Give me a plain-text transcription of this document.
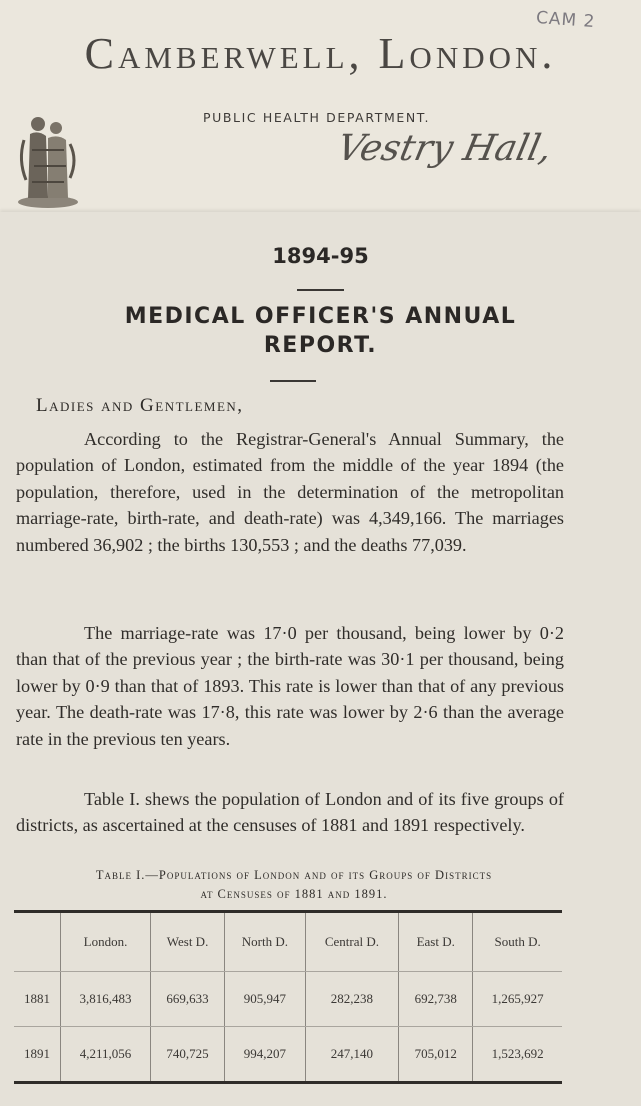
CAM 2
Camberwell, London.
PUBLIC HEALTH DEPARTMENT.
Vestry Hall,
1894-95
MEDICAL OFFICER'S ANNUAL
REPORT.
Ladies and Gentlemen,
According to the Registrar-General's Annual Summary, the population of London, estimated from the middle of the year 1894 (the population, therefore, used in the determination of the metropolitan marriage-rate, birth-rate, and death-rate) was 4,349,166. The marriages numbered 36,902 ; the births 130,553 ; and the deaths 77,039.
The marriage-rate was 17·0 per thousand, being lower by 0·2 than that of the previous year ; the birth-rate was 30·1 per thousand, being lower by 0·9 than that of 1893. This rate is lower than that of any previous year. The death-rate was 17·8, this rate was lower by 2·6 than the average rate in the previous ten years.
Table I. shews the population of London and of its five groups of districts, as ascertained at the censuses of 1881 and 1891 respectively.
Table I.—Populations of London and of its Groups of Districts
at Censuses of 1881 and 1891.
	London.	West D.	North D.	Central D.	East D.	South D.
1881	3,816,483	669,633	905,947	282,238	692,738	1,265,927
1891	4,211,056	740,725	994,207	247,140	705,012	1,523,692
